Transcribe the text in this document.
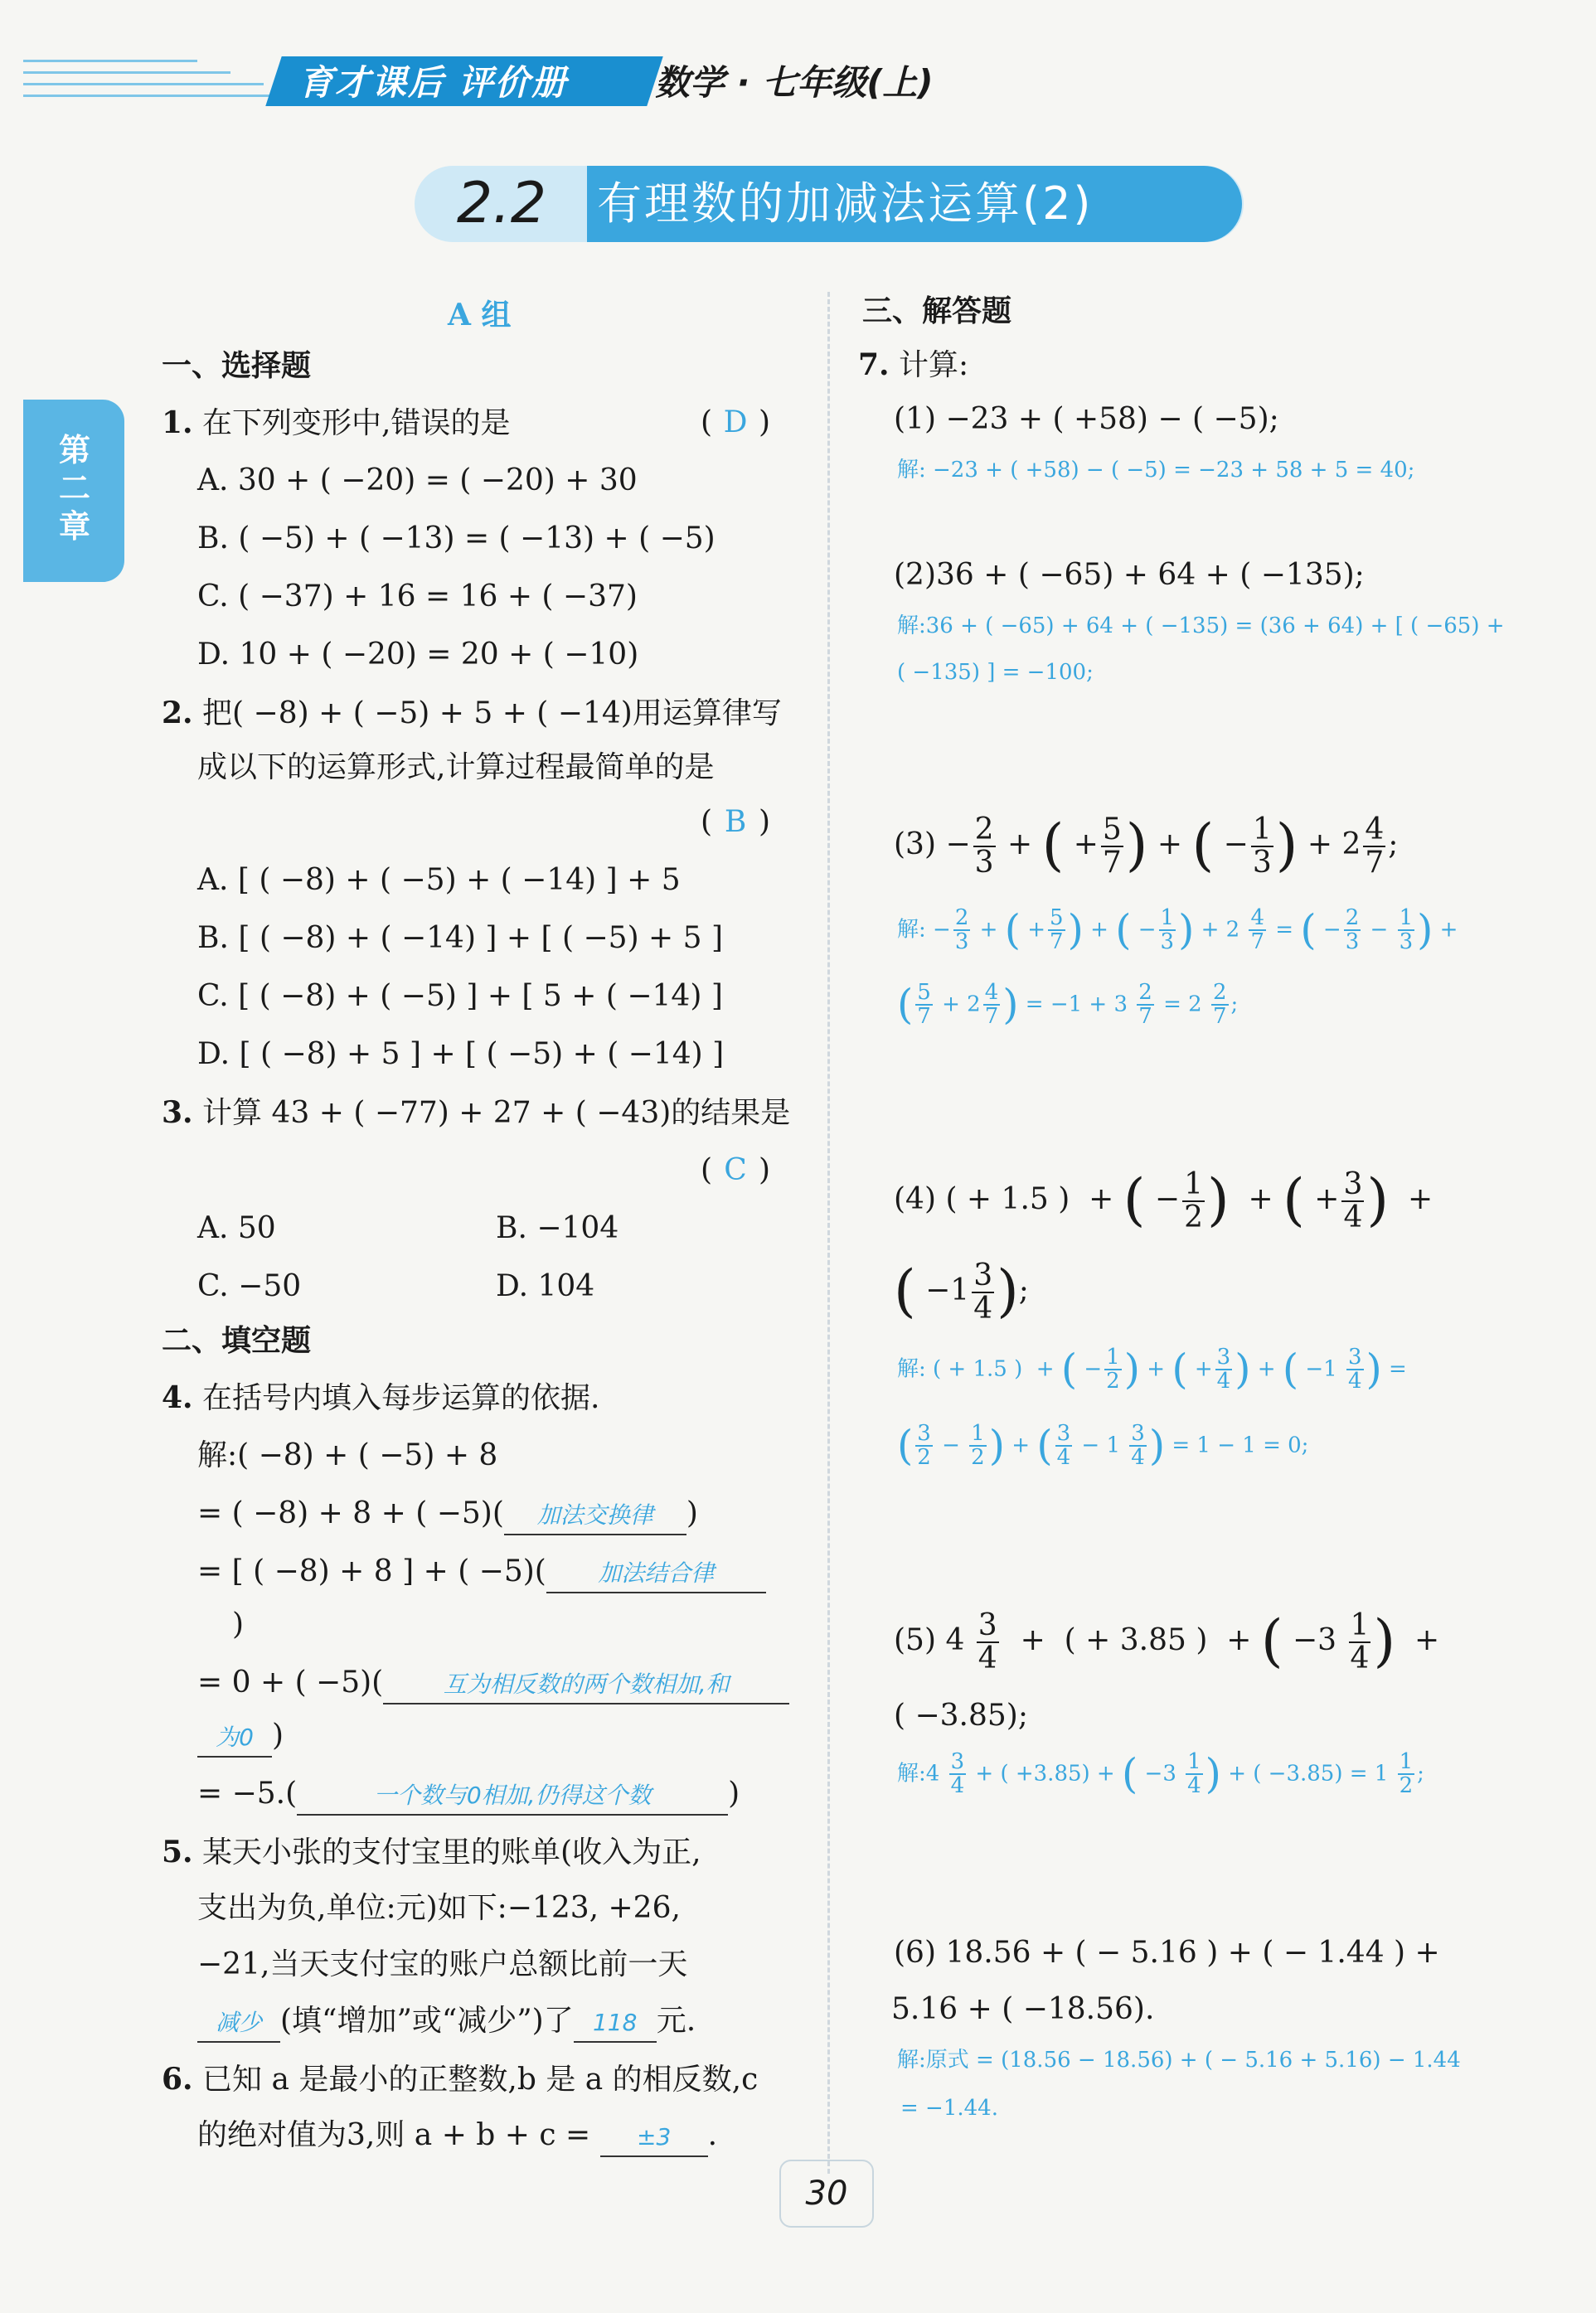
育才课后 评价册	数学 · 七年级(上)
2.2	有理数的加减法运算(2)
第二章
A 组
一、选择题
1. 在下列变形中,错误的是	( D )
A. 30 + ( −20) = ( −20) + 30
B. ( −5) + ( −13) = ( −13) + ( −5)
C. ( −37) + 16 = 16 + ( −37)
D. 10 + ( −20) = 20 + ( −10)
2. 把( −8) + ( −5) + 5 + ( −14)用运算律写
成以下的运算形式,计算过程最简单的是
( B )
A. [ ( −8) + ( −5) + ( −14) ] + 5
B. [ ( −8) + ( −14) ] + [ ( −5) + 5 ]
C. [ ( −8) + ( −5) ] + [ 5 + ( −14) ]
D. [ ( −8) + 5 ] + [ ( −5) + ( −14) ]
3. 计算 43 + ( −77) + 27 + ( −43)的结果是
( C )
A. 50	B. −104
C. −50	D. 104
二、填空题
4. 在括号内填入每步运算的依据.
解:( −8) + ( −5) + 8
= ( −8) + 8 + ( −5)( 加法交换律 )
= [ ( −8) + 8 ] + ( −5)( 加法结合律
)
= 0 + ( −5)(	互为相反数的两个数相加,和
为0 )
= −5.(	一个数与0相加,仍得这个数	)
5. 某天小张的支付宝里的账单(收入为正,
支出为负,单位:元)如下:−123, +26,
−21,当天支付宝的账户总额比前一天
减少 (填“增加”或“减少”)了 118 元.
6. 已知 a 是最小的正整数,b 是 a 的相反数,c
的绝对值为3,则 a + b + c = ±3 .
三、解答题
7. 计算:
(1) −23 + ( +58) − ( −5);
解: −23 + ( +58) − ( −5) = −23 + 58 + 5 = 40;
(2)36 + ( −65) + 64 + ( −135);
解:36 + ( −65) + 64 + ( −135) = (36 + 64) + [ ( −65) +
( −135) ] = −100;
$(3) - \frac{2}{3}$ + ( + $\frac{5}{7}$ ) + ( − $\frac{1}{3}$ ) + $2 \frac{4}{7}$ ;
解: − $\frac{2}{3}$ + ( + $\frac{5}{7}$ ) + ( − $\frac{1}{3}$ ) + $2 \frac{4}{7}$ = ( − $\frac{2}{3} - \frac{1}{3}$ ) +
( $\frac{5}{7} + 2 \frac{4}{7}$ ) = $-1 + 3 \frac{2}{7} = 2 \frac{2}{7}$ ;
(4) ( + 1.5 )  + ( − $\frac{1}{2}$ )  + ( + $\frac{3}{4}$ )  +
( $-1 \frac{3}{4}$ );
解: ( + 1.5 )  + ( − $\frac{1}{2}$ ) + ( + $\frac{3}{4}$ ) + ( $-1 \frac{3}{4}$ ) =
( $\frac{3}{2} - \frac{1}{2}$ ) + ( $\frac{3}{4} - 1 \frac{3}{4}$ ) = 1 − 1 = 0;
(5) $4 \frac{3}{4}$ +  ( + 3.85 )  + ( $-3 \frac{1}{4}$ )  +
( −3.85);
解:4 $\frac{3}{4}$ + ( +3.85) + ( $-3 \frac{1}{4}$ ) + ( $-3.85) = 1 \frac{1}{2}$ ;
(6) 18.56 + ( − 5.16 ) + ( − 1.44 ) +
5.16 + ( −18.56).
解:原式 = (18.56 − 18.56) + ( − 5.16 + 5.16) − 1.44
= −1.44.
30
